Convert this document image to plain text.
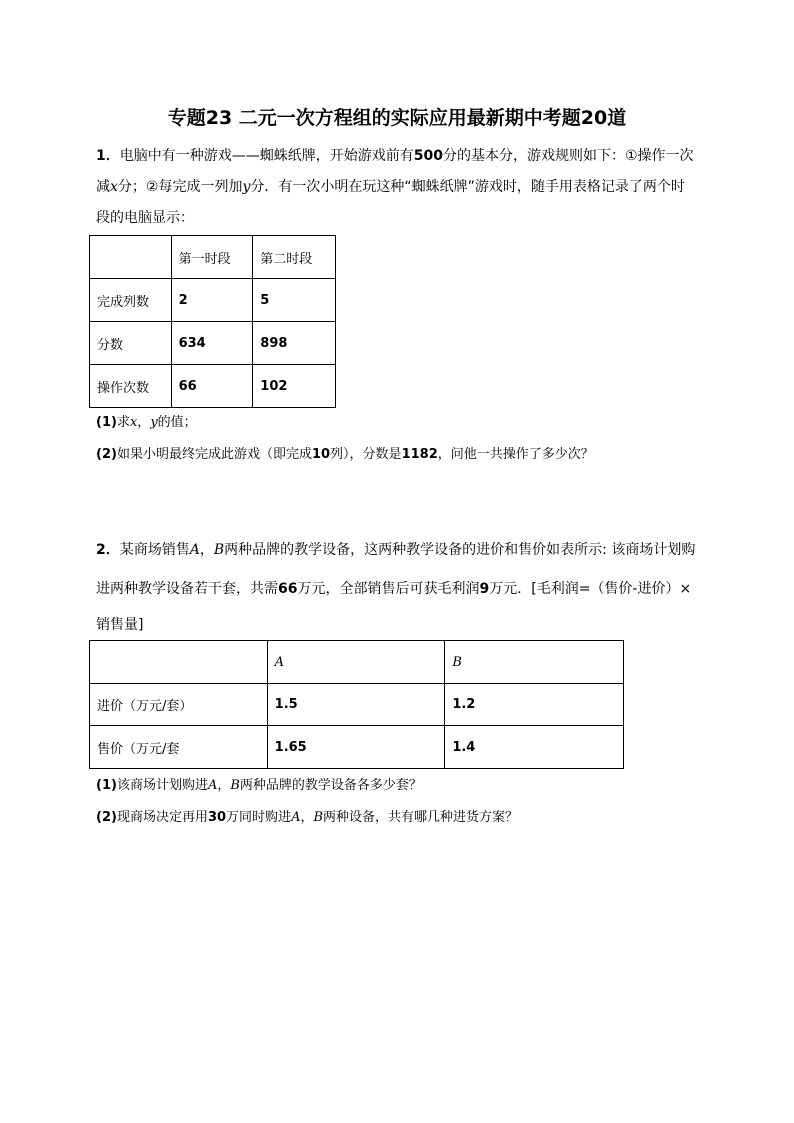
专题23 二元一次方程组的实际应用最新期中考题20道
1．电脑中有一种游戏——蜘蛛纸牌，开始游戏前有500分的基本分，游戏规则如下：①操作一次
减x分；②每完成一列加y分．有一次小明在玩这种“蜘蛛纸牌”游戏时，随手用表格记录了两个时
段的电脑显示：
	第一时段	第二时段
完成列数	2	5
分数	634	898
操作次数	66	102
(1)求x，y的值；
(2)如果小明最终完成此游戏（即完成10列），分数是1182，问他一共操作了多少次？
2．某商场销售A，B两种品牌的教学设备，这两种教学设备的进价和售价如表所示: 该商场计划购
进两种教学设备若干套，共需66万元，全部销售后可获毛利润9万元．[毛利润=（售价-进价）×
销售量]
	A	B
进价（万元/套）	1.5	1.2
售价（万元/套	1.65	1.4
(1)该商场计划购进A，B两种品牌的教学设备各多少套？
(2)现商场决定再用30万同时购进A，B两种设备，共有哪几种进货方案？
